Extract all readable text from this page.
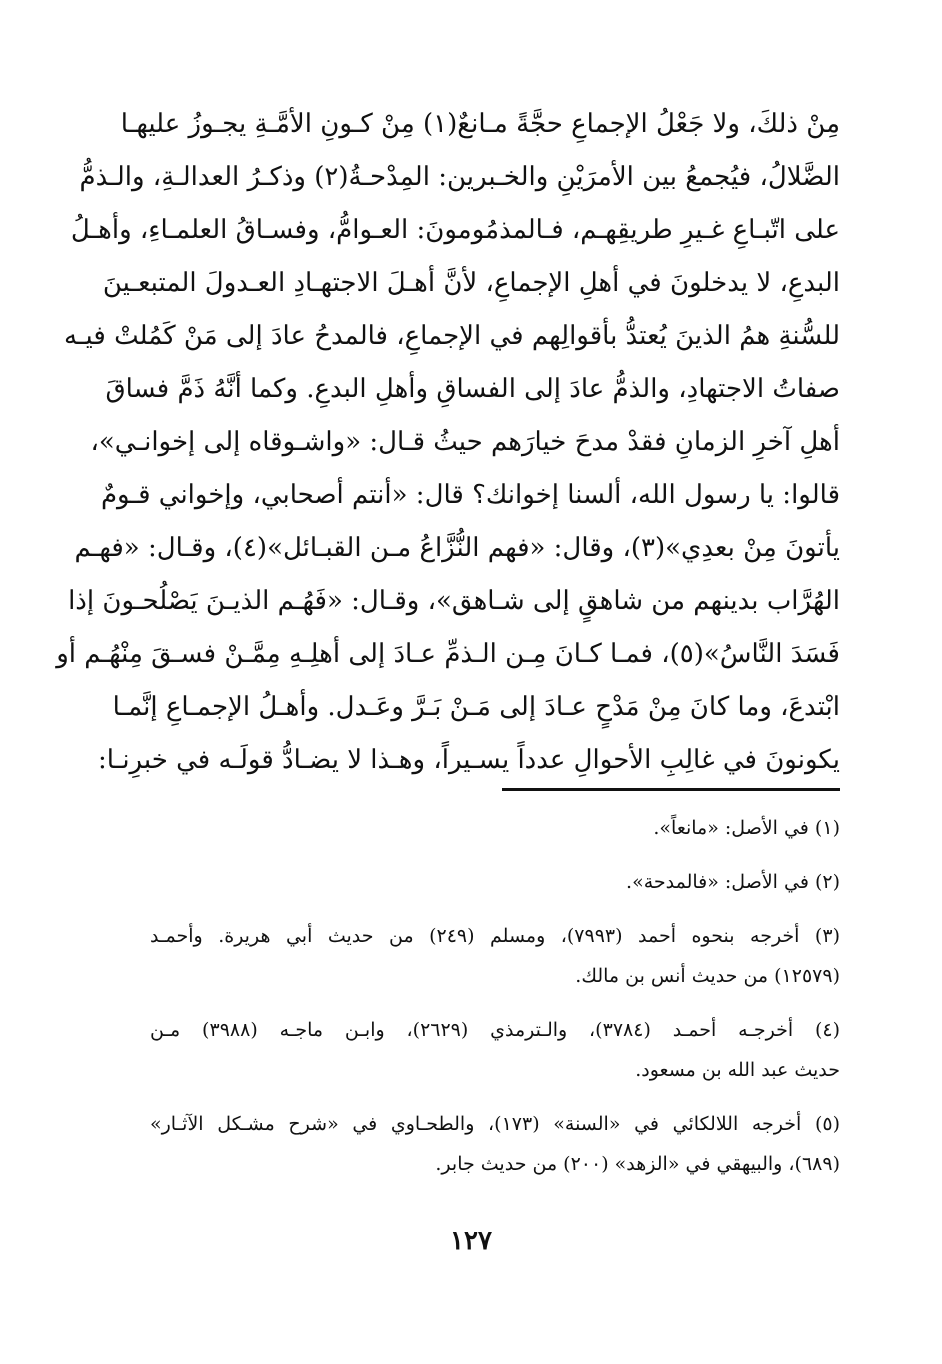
مِنْ ذلكَ، ولا جَعْلُ الإجماعِ حجَّةً مـانعٌ(١) مِنْ كـونِ الأمَّـةِ يجـوزُ عليهـا
الضَّلالُ، فيُجمعُ بين الأمرَيْنِ والخـبرين: المِدْحـةُ(٢) وذكـرُ العدالـةِ، والـذمُّ
على اتّبـاعِ غـيرِ طريقِهـم، فـالمذمُومونَ: العـوامُّ، وفسـاقُ العلمـاءِ، وأهـلُ
البدعِ، لا يدخلونَ في أهلِ الإجماعِ، لأنَّ أهـلَ الاجتهـادِ العـدولَ المتبعـينَ
للسُّنةِ همُ الذينَ يُعتدُّ بأقوالِهم في الإجماعِ، فالمدحُ عادَ إلى مَنْ كَمُلتْ فيـه
صفاتُ الاجتهادِ، والذمُّ عادَ إلى الفساقِ وأهلِ البدعِ. وكما أنَّهُ ذَمَّ فساقَ
أهلِ آخرِ الزمانِ فقدْ مدحَ خيارَهم حيثُ قـال: «واشـوقاه إلى إخوانـي»،
قالوا: يا رسول الله، ألسنا إخوانك؟ قال: «أنتم أصحابي، وإخواني قـومٌ
يأتونَ مِنْ بعدِي»(٣)، وقال: «فهم النُّزَّاعُ مـن القبـائل»(٤)، وقـال: «فهـم
الهُرَّاب بدينهم من شاهقٍ إلى شـاهق»، وقـال: «فَهُـم الذيـنَ يَصْلُحـونَ إذا
فَسَدَ النَّاسُ»(٥)، فمـا كـانَ مِـن الـذمِّ عـادَ إلى أهلِـهِ مِمَّـنْ فسـقَ مِنْهُـم أو
ابْتدعَ، وما كانَ مِنْ مَدْحٍ عـادَ إلى مَـنْ بَـرَّ وعَـدل. وأهـلُ الإجمـاعِ إنَّمـا
يكونونَ في غالِبِ الأحوالِ عدداً يسـيراً، وهـذا لا يضـادُّ قولَـه في خبرِنـا:
(١) في الأصل: «مانعاً».
(٢) في الأصل: «فالمدحة».
(٣) أخرجه بنحوه أحمد (٧٩٩٣)، ومسلم (٢٤٩) من حديث أبي هريرة. وأحمـد
(١٢٥٧٩) من حديث أنس بن مالك.
(٤) أخرجـه أحمـد (٣٧٨٤)، والـترمذي (٢٦٢٩)، وابـن ماجـه (٣٩٨٨) مـن
حديث عبد الله بن مسعود.
(٥) أخرجه اللالكائي في «السنة» (١٧٣)، والطحـاوي في «شرح مشـكل الآثـار»
(٦٨٩)، والبيهقي في «الزهد» (٢٠٠) من حديث جابر.
١٢٧
